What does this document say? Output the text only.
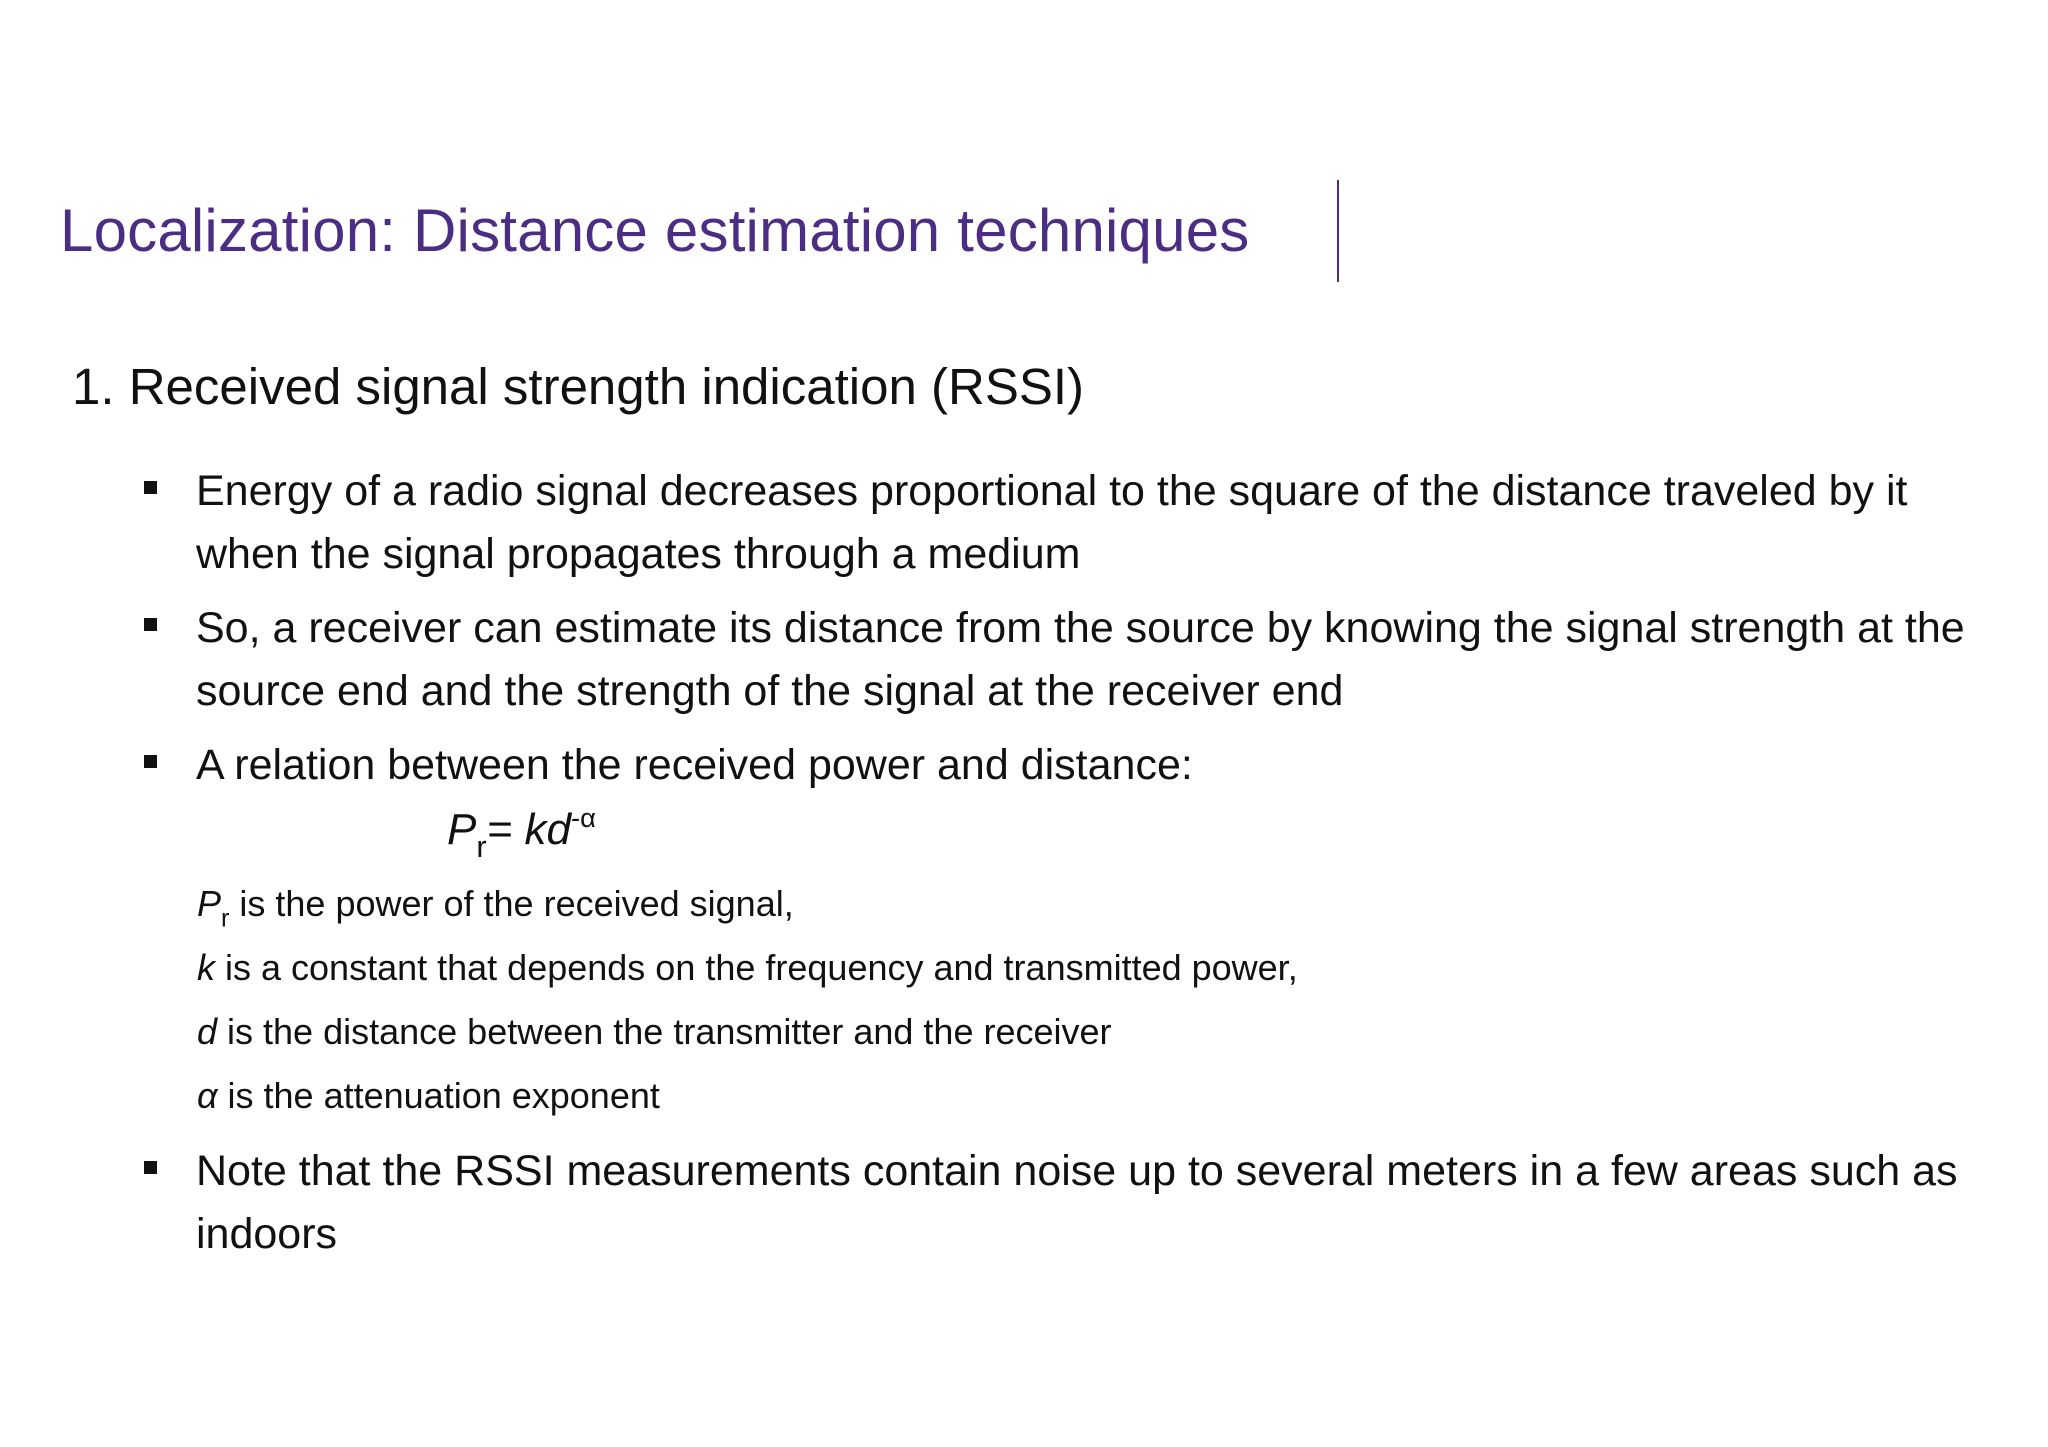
Localization: Distance estimation techniques
1. Received signal strength indication (RSSI)
Energy of a radio signal decreases proportional to the square of the distance traveled by it when the signal propagates through a medium
So, a receiver can estimate its distance from the source by knowing the signal strength at the source end and the strength of the signal at the receiver end
A relation between the received power and distance:
$P_r= kd^{-\alpha}$
$P_r$ is the power of the received signal,
k is a constant that depends on the frequency and transmitted power,
d is the distance between the transmitter and the receiver
α is the attenuation exponent
Note that the RSSI measurements contain noise up to several meters in a few areas such as indoors
